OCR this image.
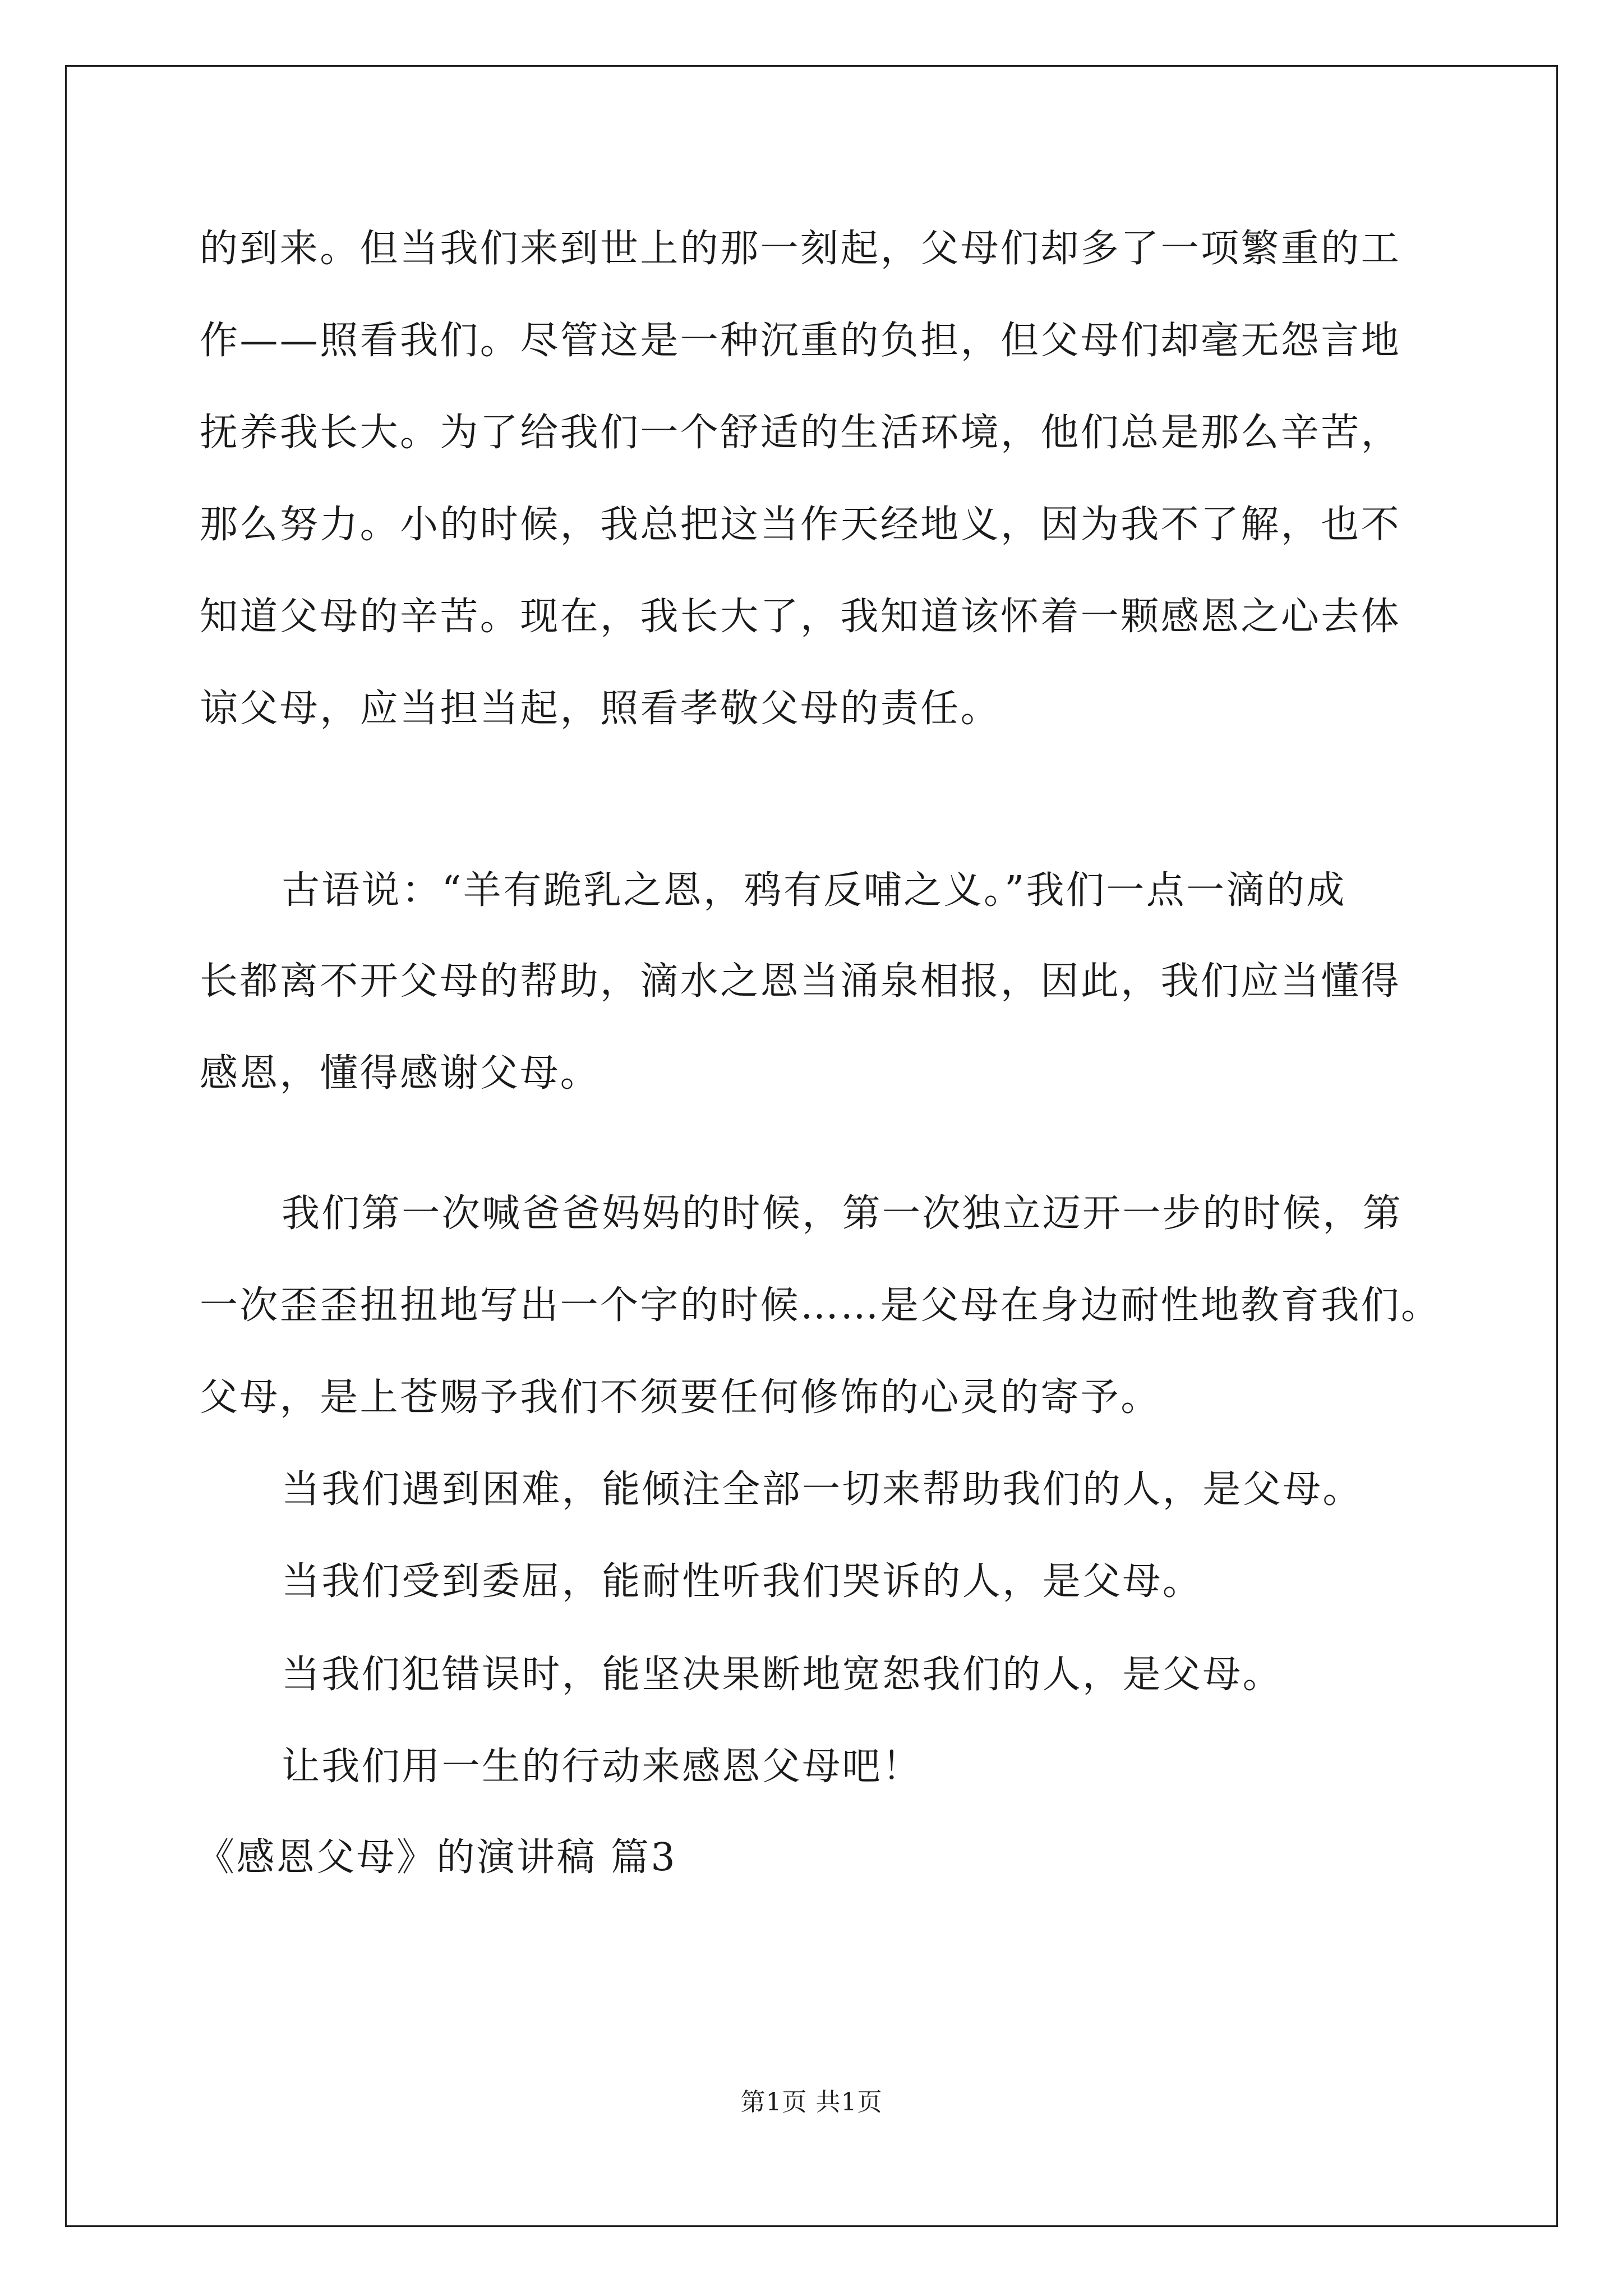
的到来。但当我们来到世上的那一刻起，父母们却多了一项繁重的工
作——照看我们。尽管这是一种沉重的负担，但父母们却毫无怨言地
抚养我长大。为了给我们一个舒适的生活环境，他们总是那么辛苦，
那么努力。小的时候，我总把这当作天经地义，因为我不了解，也不
知道父母的辛苦。现在，我长大了，我知道该怀着一颗感恩之心去体
谅父母，应当担当起，照看孝敬父母的责任。
古语说：“羊有跪乳之恩，鸦有反哺之义。”我们一点一滴的成
长都离不开父母的帮助，滴水之恩当涌泉相报，因此，我们应当懂得
感恩，懂得感谢父母。
我们第一次喊爸爸妈妈的时候，第一次独立迈开一步的时候，第
一次歪歪扭扭地写出一个字的时候……是父母在身边耐性地教育我们。
父母，是上苍赐予我们不须要任何修饰的心灵的寄予。
当我们遇到困难，能倾注全部一切来帮助我们的人，是父母。
当我们受到委屈，能耐性听我们哭诉的人，是父母。
当我们犯错误时，能坚决果断地宽恕我们的人，是父母。
让我们用一生的行动来感恩父母吧！
《感恩父母》的演讲稿 篇3
第1页 共1页
